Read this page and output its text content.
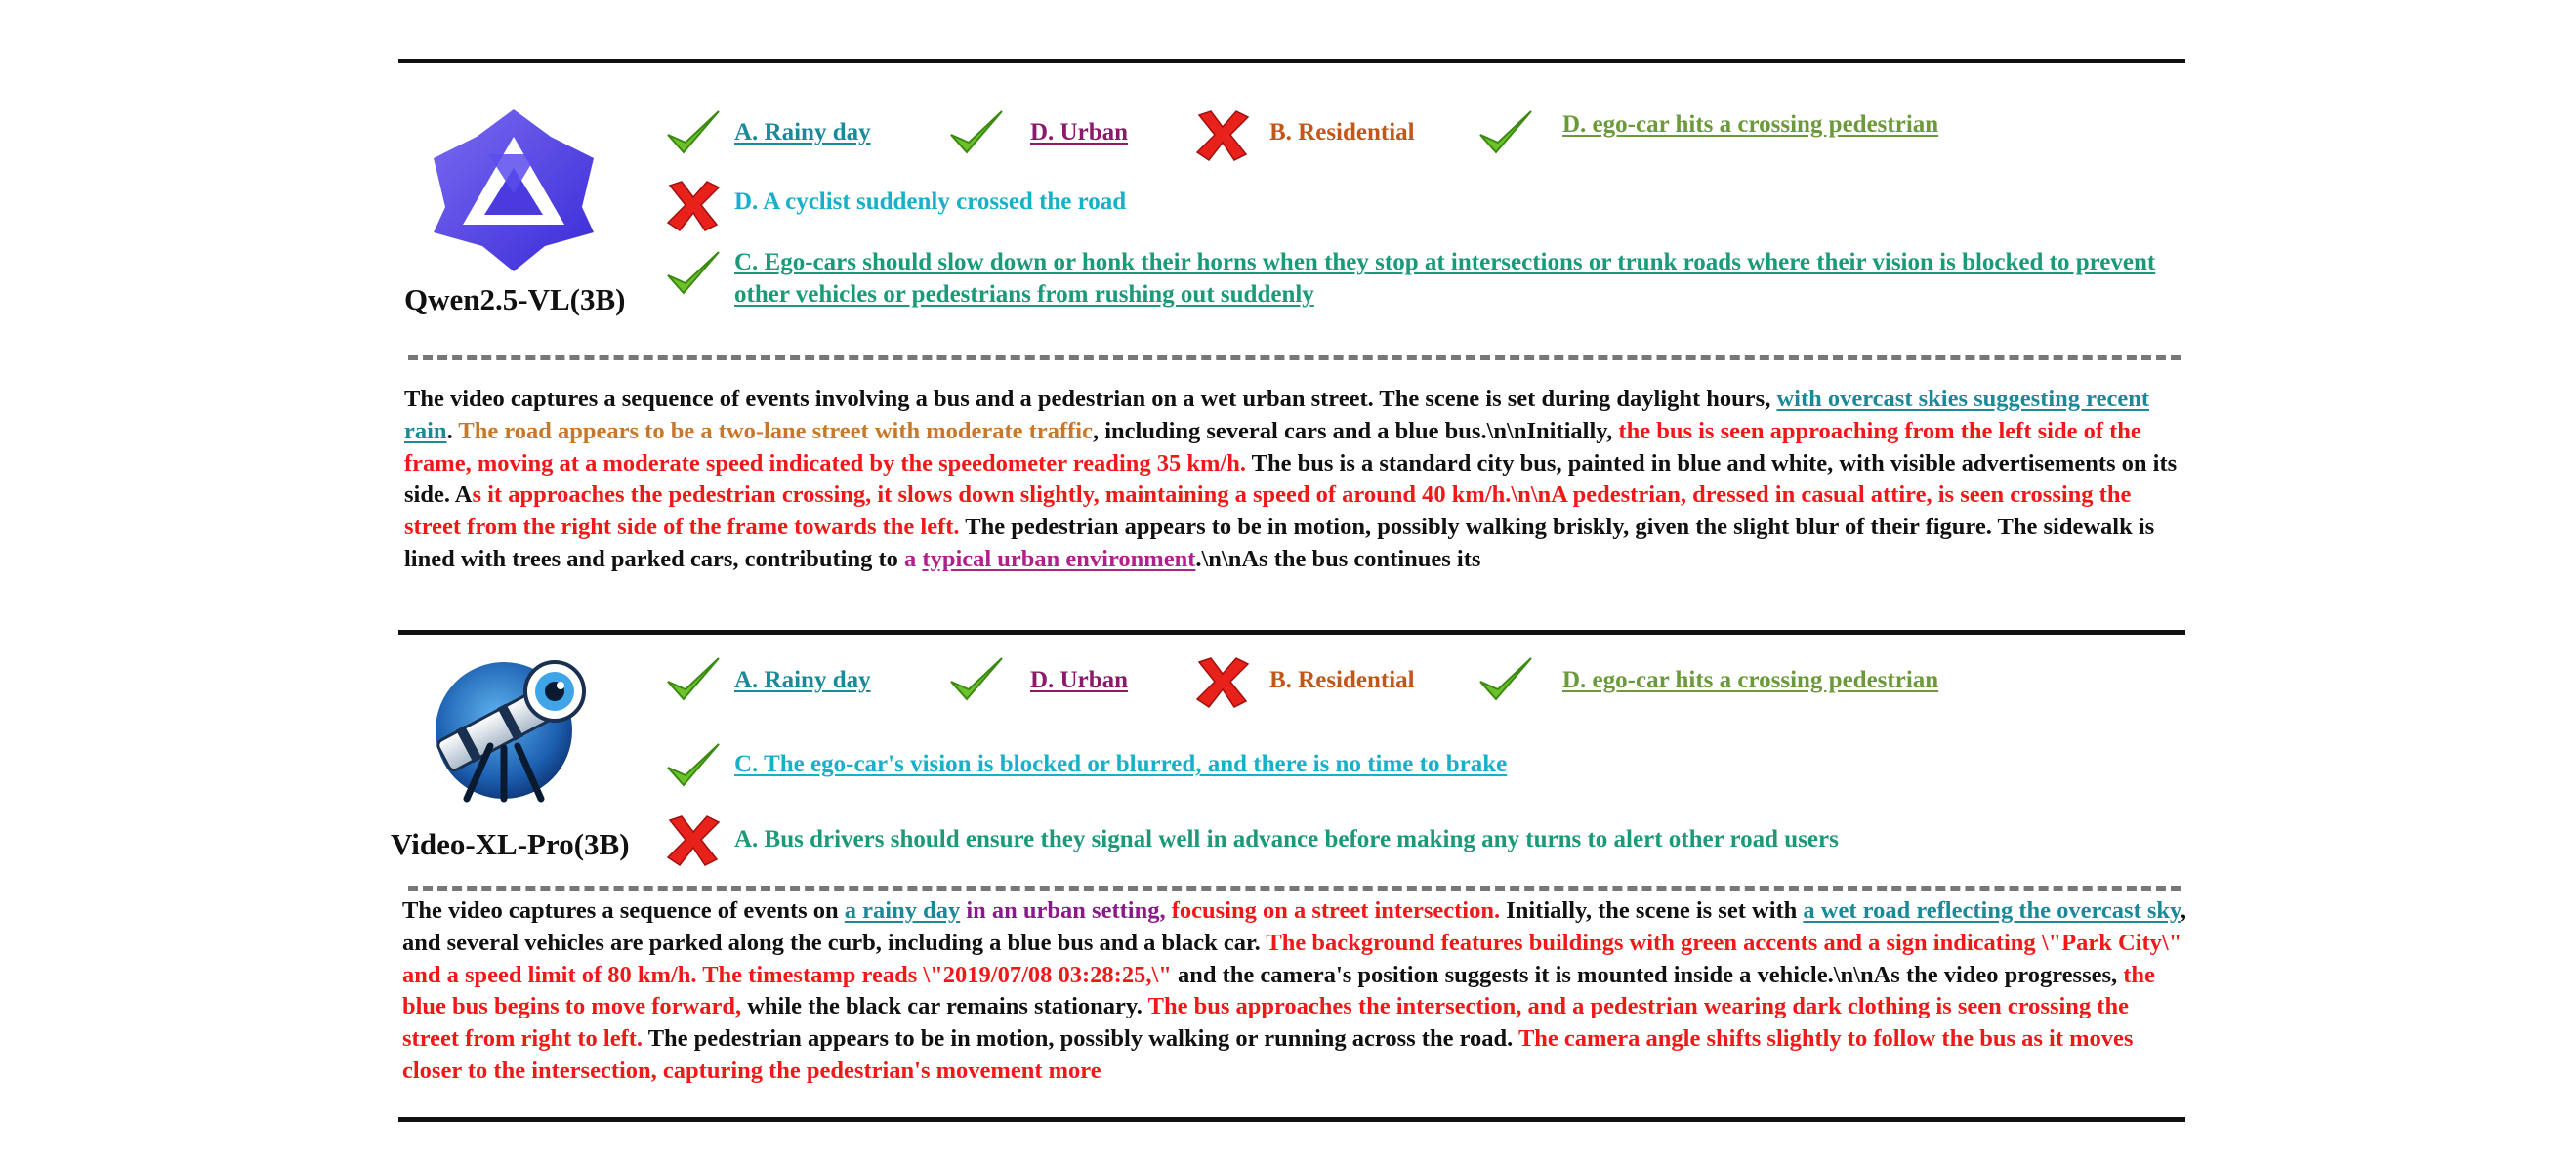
Qwen2.5-VL(3B)
A. Rainy day	D. Urban	B. Residential	D. ego-car hits a crossing pedestrian
D. A cyclist suddenly crossed the road
C. Ego-cars should slow down or honk their horns when they stop at intersections or trunk roads where their vision is blocked to prevent other vehicles or pedestrians from rushing out suddenly
The video captures a sequence of events involving a bus and a pedestrian on a wet urban street. The scene is set during daylight hours, with overcast skies suggesting recent rain. The road appears to be a two-lane street with moderate traffic, including several cars and a blue bus.\n\nInitially, the bus is seen approaching from the left side of the frame, moving at a moderate speed indicated by the speedometer reading 35 km/h. The bus is a standard city bus, painted in blue and white, with visible advertisements on its side. As it approaches the pedestrian crossing, it slows down slightly, maintaining a speed of around 40 km/h.\n\nA pedestrian, dressed in casual attire, is seen crossing the street from the right side of the frame towards the left. The pedestrian appears to be in motion, possibly walking briskly, given the slight blur of their figure. The sidewalk is lined with trees and parked cars, contributing to a typical urban environment.\n\nAs the bus continues its
Video-XL-Pro(3B)
A. Rainy day	D. Urban	B. Residential	D. ego-car hits a crossing pedestrian
C. The ego-car's vision is blocked or blurred, and there is no time to brake
A. Bus drivers should ensure they signal well in advance before making any turns to alert other road users
The video captures a sequence of events on a rainy day in an urban setting, focusing on a street intersection. Initially, the scene is set with a wet road reflecting the overcast sky, and several vehicles are parked along the curb, including a blue bus and a black car. The background features buildings with green accents and a sign indicating \"Park City\" and a speed limit of 80 km/h. The timestamp reads \"2019/07/08 03:28:25,\" and the camera's position suggests it is mounted inside a vehicle.\n\nAs the video progresses, the blue bus begins to move forward, while the black car remains stationary. The bus approaches the intersection, and a pedestrian wearing dark clothing is seen crossing the street from right to left. The pedestrian appears to be in motion, possibly walking or running across the road. The camera angle shifts slightly to follow the bus as it moves closer to the intersection, capturing the pedestrian's movement more
